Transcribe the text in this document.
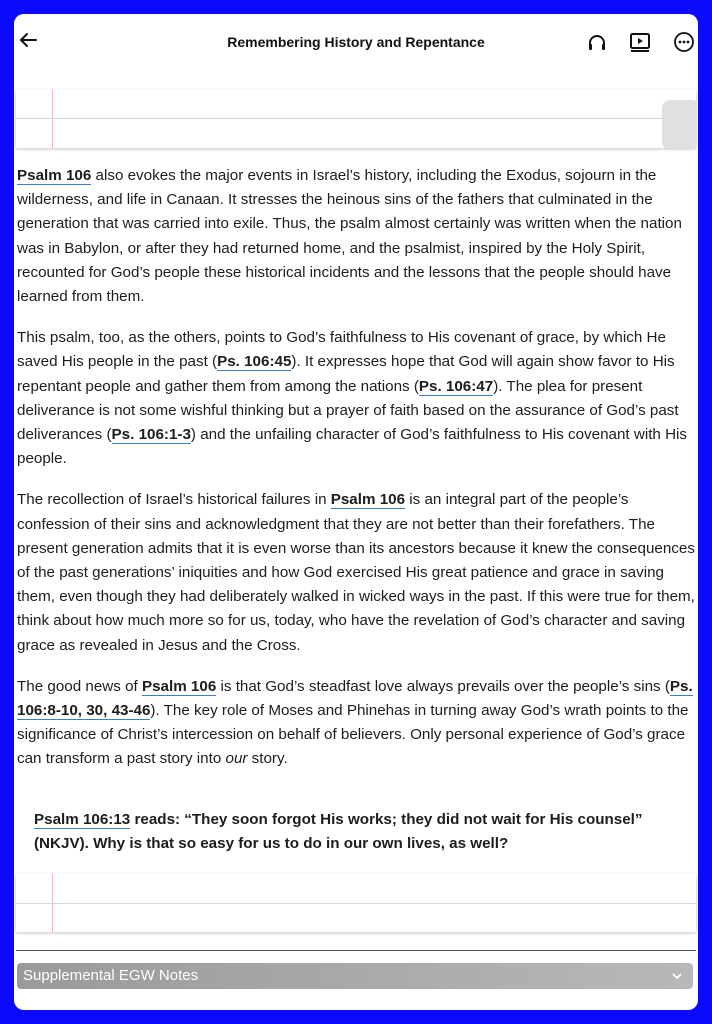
Remembering History and Repentance

Psalm 106 also evokes the major events in Israel’s history, including the Exodus, sojourn in the wilderness, and life in Canaan. It stresses the heinous sins of the fathers that culminated in the generation that was carried into exile. Thus, the psalm almost certainly was written when the nation was in Babylon, or after they had returned home, and the psalmist, inspired by the Holy Spirit, recounted for God’s people these historical incidents and the lessons that the people should have learned from them.

This psalm, too, as the others, points to God’s faithfulness to His covenant of grace, by which He saved His people in the past (Ps. 106:45). It expresses hope that God will again show favor to His repentant people and gather them from among the nations (Ps. 106:47). The plea for present deliverance is not some wishful thinking but a prayer of faith based on the assurance of God’s past deliverances (Ps. 106:1-3) and the unfailing character of God’s faithfulness to His covenant with His people.

The recollection of Israel’s historical failures in Psalm 106 is an integral part of the people’s confession of their sins and acknowledgment that they are not better than their forefathers. The present generation admits that it is even worse than its ancestors because it knew the consequences of the past generations’ iniquities and how God exercised His great patience and grace in saving them, even though they had deliberately walked in wicked ways in the past. If this were true for them, think about how much more so for us, today, who have the revelation of God’s character and saving grace as revealed in Jesus and the Cross.

The good news of Psalm 106 is that God’s steadfast love always prevails over the people’s sins (Ps. 106:8-10, 30, 43-46). The key role of Moses and Phinehas in turning away God’s wrath points to the significance of Christ’s intercession on behalf of believers. Only personal experience of God’s grace can transform a past story into our story.

Psalm 106:13 reads: “They soon forgot His works; they did not wait for His counsel” (NKJV). Why is that so easy for us to do in our own lives, as well?
Supplemental EGW Notes
